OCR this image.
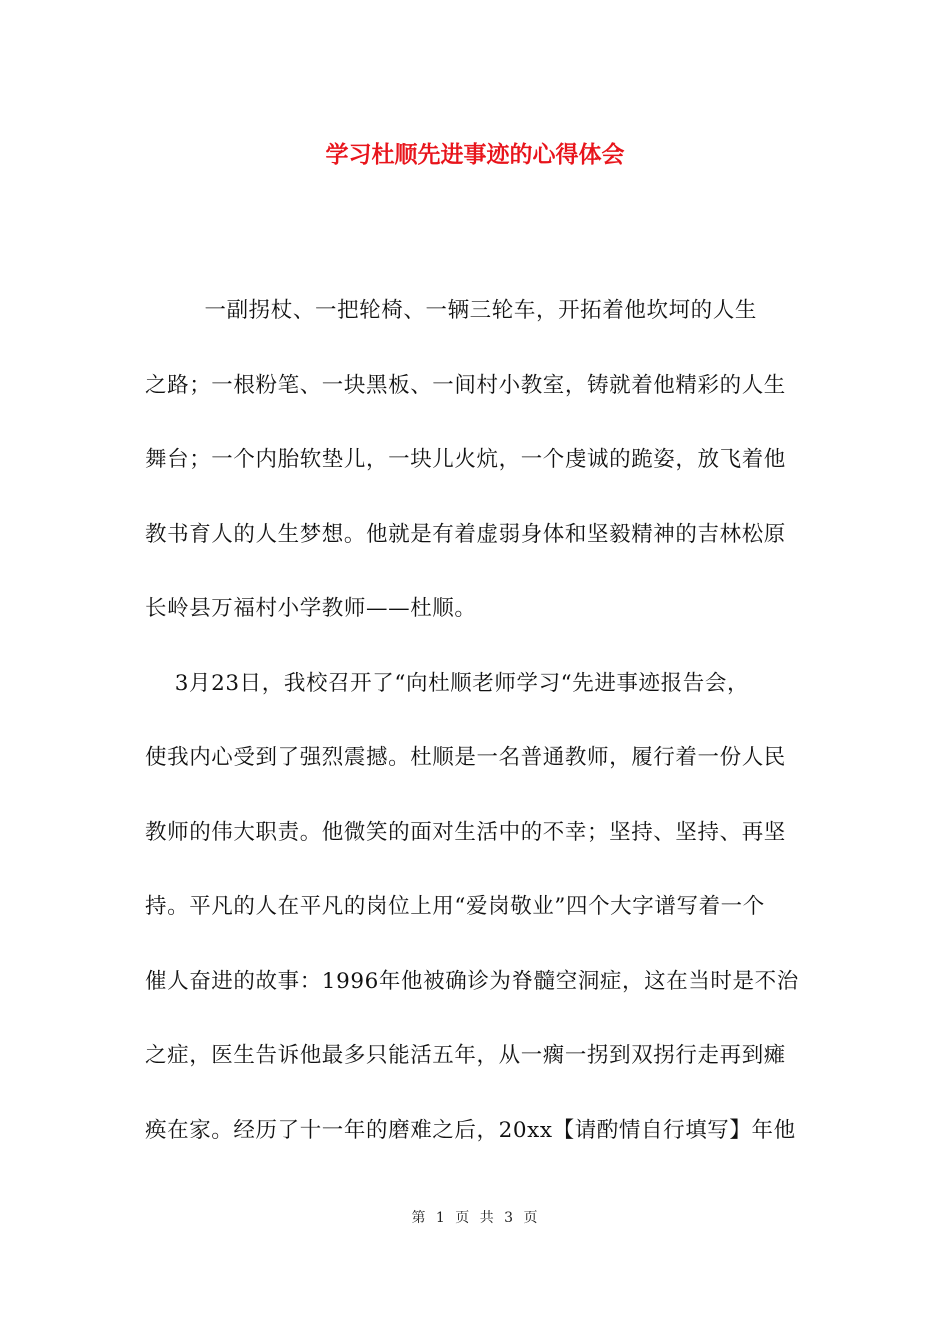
学习杜顺先进事迹的心得体会
一副拐杖、一把轮椅、一辆三轮车，开拓着他坎坷的人生
之路；一根粉笔、一块黑板、一间村小教室，铸就着他精彩的人生
舞台；一个内胎软垫儿，一块儿火炕，一个虔诚的跪姿，放飞着他
教书育人的人生梦想。他就是有着虚弱身体和坚毅精神的吉林松原
长岭县万福村小学教师——杜顺。
3月23日，我校召开了“向杜顺老师学习“先进事迹报告会，
使我内心受到了强烈震撼。杜顺是一名普通教师，履行着一份人民
教师的伟大职责。他微笑的面对生活中的不幸；坚持、坚持、再坚
持。平凡的人在平凡的岗位上用“爱岗敬业”四个大字谱写着一个
催人奋进的故事：1996年他被确诊为脊髓空洞症，这在当时是不治
之症，医生告诉他最多只能活五年，从一瘸一拐到双拐行走再到瘫
痪在家。经历了十一年的磨难之后，20xx【请酌情自行填写】年他
第 1 页 共 3 页
